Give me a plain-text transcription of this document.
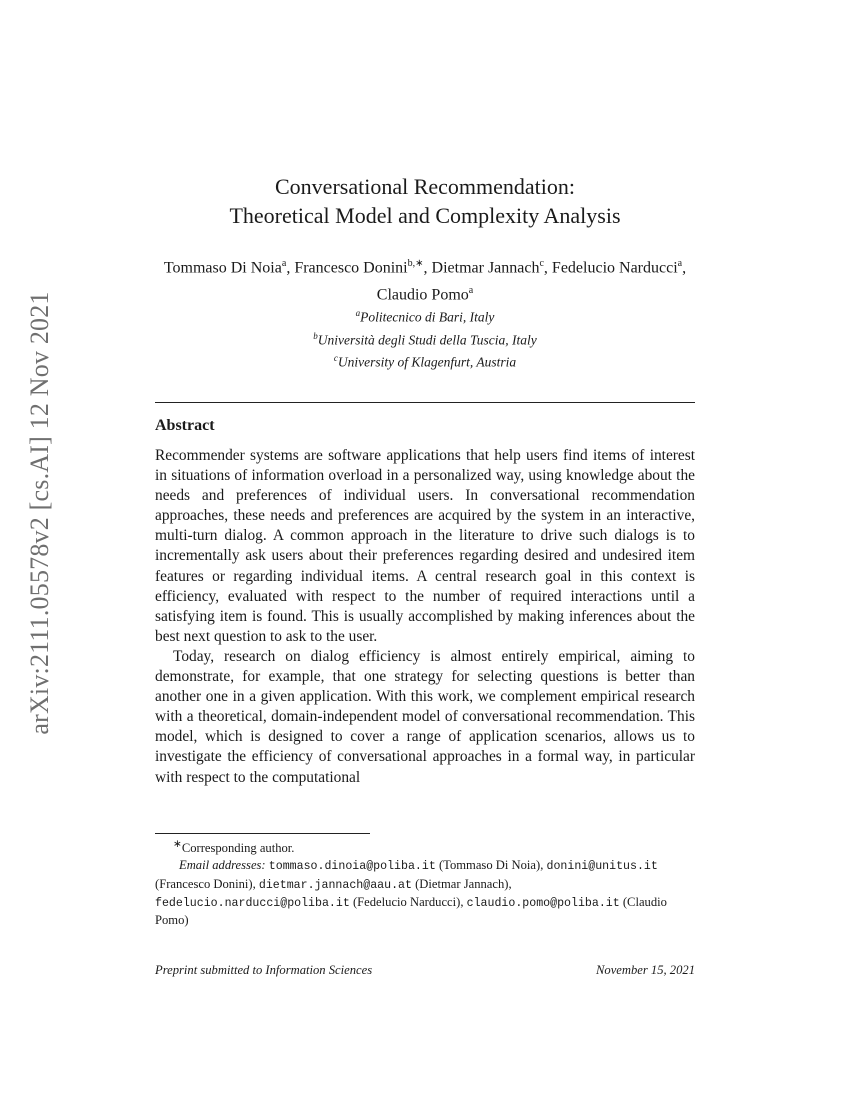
arXiv:2111.05578v2 [cs.AI] 12 Nov 2021
Conversational Recommendation:
Theoretical Model and Complexity Analysis
Tommaso Di Noia$^a$, Francesco Donini$^{b,∗}$, Dietmar Jannach$^c$, Fedelucio Narducci$^a$, Claudio Pomo$^a$
$^a$Politecnico di Bari, Italy
$^b$Università degli Studi della Tuscia, Italy
$^c$University of Klagenfurt, Austria
Abstract

Recommender systems are software applications that help users find items of interest in situations of information overload in a personalized way, using knowledge about the needs and preferences of individual users. In conversational recommendation approaches, these needs and preferences are acquired by the system in an interactive, multi-turn dialog. A common approach in the literature to drive such dialogs is to incrementally ask users about their preferences regarding desired and undesired item features or regarding individual items. A central research goal in this context is efficiency, evaluated with respect to the number of required interactions until a satisfying item is found. This is usually accomplished by making inferences about the best next question to ask to the user.

Today, research on dialog efficiency is almost entirely empirical, aiming to demonstrate, for example, that one strategy for selecting questions is better than another one in a given application. With this work, we complement empirical research with a theoretical, domain-independent model of conversational recommendation. This model, which is designed to cover a range of application scenarios, allows us to investigate the efficiency of conversational approaches in a formal way, in particular with respect to the computational

∗Corresponding author.
Email addresses: tommaso.dinoia@poliba.it (Tommaso Di Noia), donini@unitus.it (Francesco Donini), dietmar.jannach@aau.at (Dietmar Jannach), fedelucio.narducci@poliba.it (Fedelucio Narducci), claudio.pomo@poliba.it (Claudio Pomo)
Preprint submitted to Information Sciences	November 15, 2021
